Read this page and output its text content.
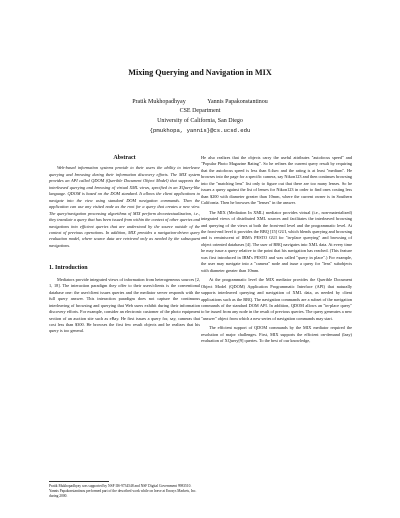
Mixing Querying and Navigation in MIX
Pratik Mukhopadhyay	Yannis Papakonstantinou
CSE Department
University of California, San Diego
{pmukhopa, yannis}@cs.ucsd.edu
Abstract

Web-based information systems provide to their users the ability to interleave querying and browsing during their information discovery efforts. The MIX system provides an API called QDOM (Querible Document Object Model) that supports the interleaved querying and browsing of virtual XML views, specified in an XQuery-like language. QDOM is based on the DOM standard. It allows the client applications to navigate into the view using standard DOM navigation commands. Then the application can use any visited node as the root for a query that creates a new view. The query/navigation processing algorithms of MIX perform decontextualization, i.e., they translate a query that has been issued from within the context of other queries and navigations into efficient queries that are understood by the source outside of the context of previous operations. In addition, MIX provides a navigation-driven query evaluation model, where source data are retrieved only as needed by the subsequent navigations.

1. Introduction

Mediators provide integrated views of information from heterogeneous sources [2, 1, 18]. The interaction paradigm they offer to their users/clients is the conventional database one: the user/client issues queries and the mediator server responds with the full query answer. This interaction paradigm does not capture the continuous interleaving of browsing and querying that Web users exhibit during their information discovery efforts. For example, consider an electronic customer of the photo equipment section of an auction site such as eBay. He first issues a query for, say, cameras that cost less than $300. He browses the first few result objects and he realizes that his query is too general.

Pratik Mukhopadhyay was supported by NSF IIS-9734548 and NSF Digital Government 9983510. Yannis Papakonstantinou performed part of the described work while on leave at Enosys Markets, Inc. during 2000.

He also realizes that the objects carry the useful attributes "autofocus speed" and "Popular Photo Magazine Rating". So he refines the current query result by requiring that the autofocus speed is less than 0.4sec and the rating is at least "medium". He browses into the page for a specific camera, say Nikon123 and then continues browsing into the "matching lens" list only to figure out that there are too many lenses. So he issues a query against the list of lenses for Nikon123 in order to find ones costing less than $200 with diameter greater than 10mm, where the current owner is in Southern California. Then he browses the "lenses" in the answer.

The MIX (Mediation In XML) mediator provides virtual (i.e., non-materialized) integrated views of distributed XML sources and facilitates the interleaved browsing and querying of the views at both the front-end level and the programmatic level. At the front-end level it provides the BBQ [15] GUI, which blends querying and browsing and is reminiscent of IBM's PESTO GUI for "in-place querying" and browsing of object oriented databases [4]. The user of BBQ navigates into XML data. At every time he may issue a query relative to the point that his navigation has reached. (This feature was first introduced in IBM's PESTO and was called "query in place".) For example, the user may navigate into a "camera" node and issue a query for "lens" subobjects with diameter greater than 10mm.

At the programmatic level the MIX mediator provides the Querible Document Object Model (QDOM) Application Programmatic Interface (API) that naturally supports interleaved querying and navigation of XML data, as needed by client applications such as the BBQ. The navigation commands are a subset of the navigation commands of the standard DOM API. In addition, QDOM allows an "in-place query" to be issued from any node in the result of previous queries. The query generates a new "answer" object from which a new series of navigation commands may start.

The efficient support of QDOM commands by the MIX mediator required the resolution of major challenges. First, MIX supports the efficient on-demand (lazy) evaluation of XQuery[9] queries. To the best of our knowledge,
